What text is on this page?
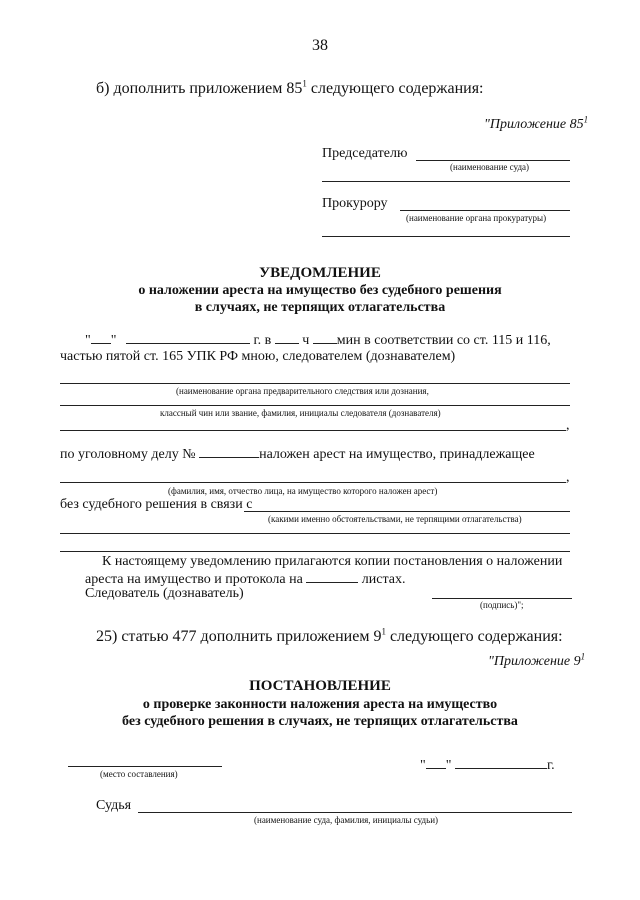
38
б) дополнить приложением $85^1$ следующего содержания:
"Приложение $85^1$
Председателю
(наименование суда)
Прокурору
(наименование органа прокуратуры)
УВЕДОМЛЕНИЕ
о наложении ареста на имущество без судебного решения
в случаях, не терпящих отлагательства
" "	г. в ч мин в соответствии со ст. 115 и 116,
частью пятой ст. 165 УПК РФ мною, следователем (дознавателем)
(наименование органа предварительного следствия или дознания,
классный чин или звание, фамилия, инициалы следователя (дознавателя)
,
по уголовному делу №	наложен арест на имущество, принадлежащее
,
(фамилия, имя, отчество лица, на имущество которого наложен арест)
без судебного решения в связи с
(какими именно обстоятельствами, не терпящими отлагательства)
К настоящему уведомлению прилагаются копии постановления о наложении
ареста на имущество и протокола на	листах.
Следователь (дознаватель)
(подпись)";
25) статью 477 дополнить приложением $9^1$ следующего содержания:
"Приложение $9^1$
ПОСТАНОВЛЕНИЕ
о проверке законности наложения ареста на имущество
без судебного решения в случаях, не терпящих отлагательства
(место составления)
" "	г.
Судья
(наименование суда, фамилия, инициалы судьи)
